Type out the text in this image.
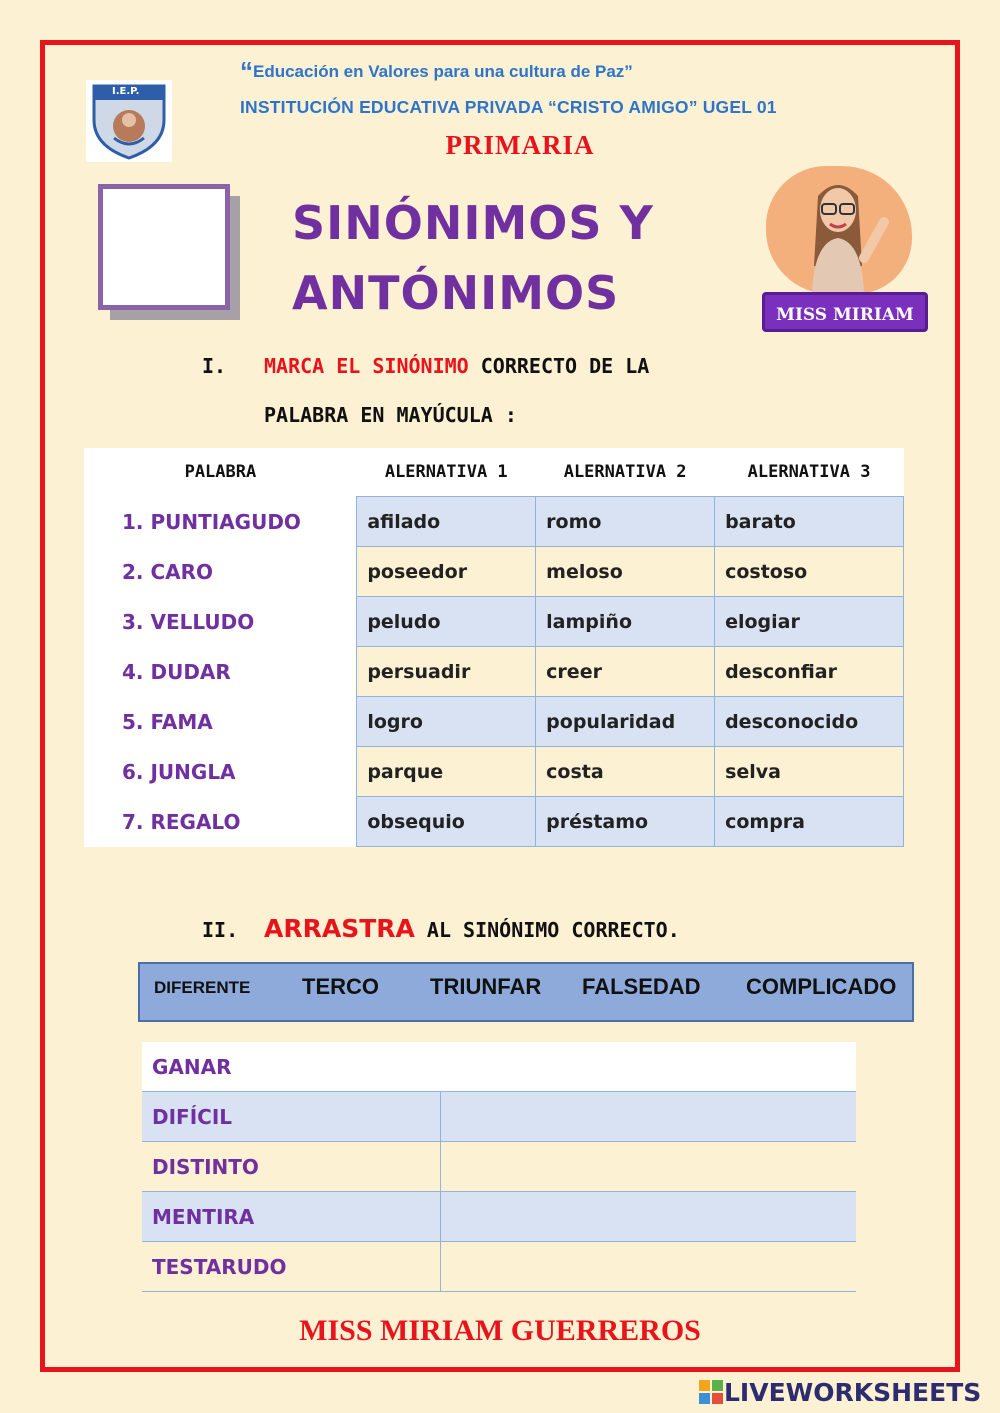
I.E.P.
“Educación en Valores para una cultura de Paz”
INSTITUCIÓN EDUCATIVA PRIVADA “CRISTO AMIGO” UGEL 01
PRIMARIA
SINÓNIMOS Y
ANTÓNIMOS	MISS MIRIAM
I. MARCA EL SINÓNIMO CORRECTO DE LA
PALABRA EN MAYÚCULA :
PALABRA	ALERNATIVA 1	ALERNATIVA 2	ALERNATIVA 3
1. PUNTIAGUDO	afilado	romo	barato
2. CARO	poseedor	meloso	costoso
3. VELLUDO	peludo	lampiño	elogiar
4. DUDAR	persuadir	creer	desconfiar
5. FAMA	logro	popularidad	desconocido
6. JUNGLA	parque	costa	selva
7. REGALO	obsequio	préstamo	compra
II. ARRASTRA AL SINÓNIMO CORRECTO.
DIFERENTE TERCO TRIUNFAR FALSEDAD COMPLICADO
GANAR	
DIFÍCIL	
DISTINTO	
MENTIRA	
TESTARUDO	
MISS MIRIAM GUERREROS
LIVEWORKSHEETS
